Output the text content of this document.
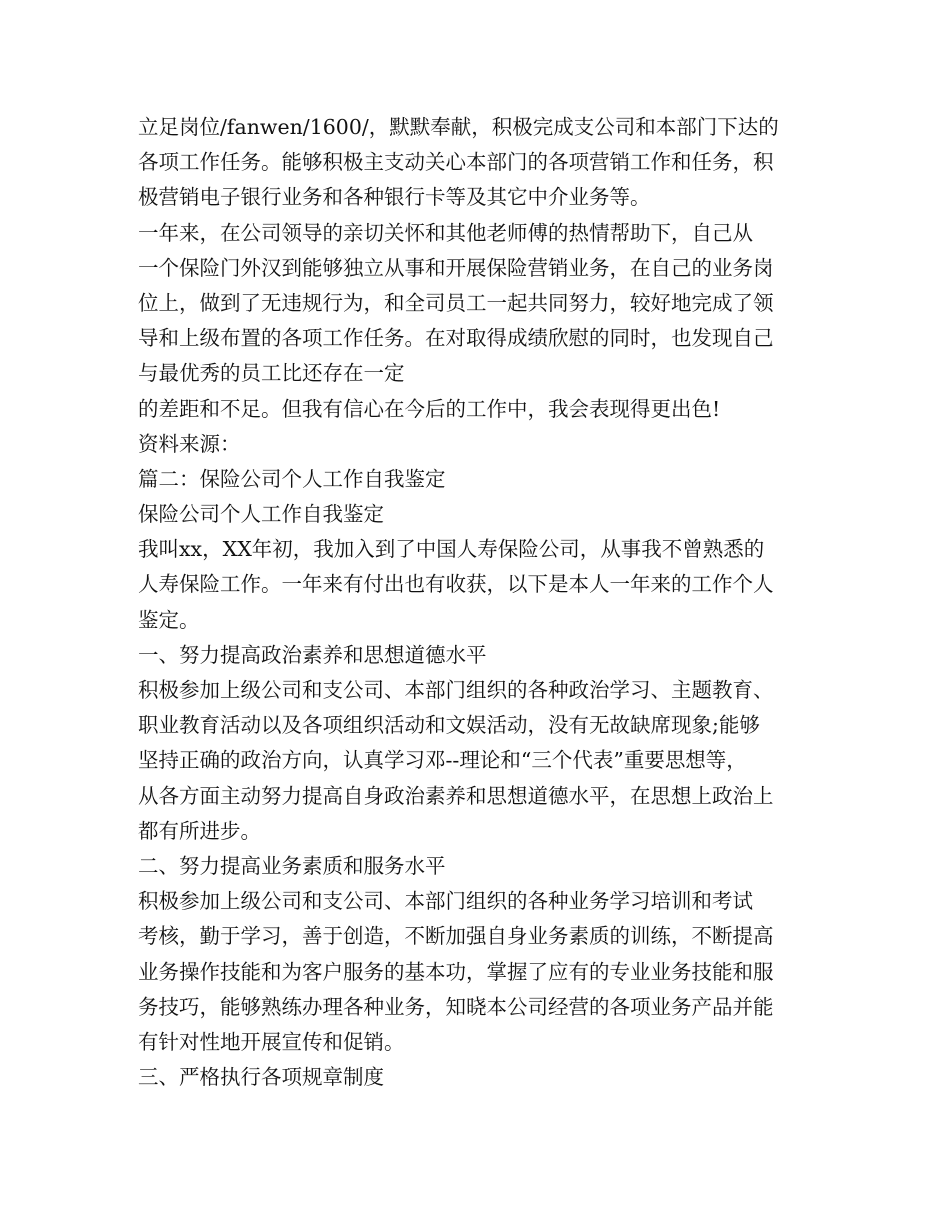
立足岗位/fanwen/1600/，默默奉献，积极完成支公司和本部门下达的
各项工作任务。能够积极主支动关心本部门的各项营销工作和任务，积
极营销电子银行业务和各种银行卡等及其它中介业务等。
一年来，在公司领导的亲切关怀和其他老师傅的热情帮助下，自己从
一个保险门外汉到能够独立从事和开展保险营销业务，在自己的业务岗
位上，做到了无违规行为，和全司员工一起共同努力，较好地完成了领
导和上级布置的各项工作任务。在对取得成绩欣慰的同时，也发现自己
与最优秀的员工比还存在一定
的差距和不足。但我有信心在今后的工作中，我会表现得更出色!
资料来源：
篇二：保险公司个人工作自我鉴定
保险公司个人工作自我鉴定
我叫xx，XX年初，我加入到了中国人寿保险公司，从事我不曾熟悉的
人寿保险工作。一年来有付出也有收获，以下是本人一年来的工作个人
鉴定。
一、努力提高政治素养和思想道德水平
积极参加上级公司和支公司、本部门组织的各种政治学习、主题教育、
职业教育活动以及各项组织活动和文娱活动，没有无故缺席现象;能够
坚持正确的政治方向，认真学习邓--理论和“三个代表”重要思想等，
从各方面主动努力提高自身政治素养和思想道德水平，在思想上政治上
都有所进步。
二、努力提高业务素质和服务水平
积极参加上级公司和支公司、本部门组织的各种业务学习培训和考试
考核，勤于学习，善于创造，不断加强自身业务素质的训练，不断提高
业务操作技能和为客户服务的基本功，掌握了应有的专业业务技能和服
务技巧，能够熟练办理各种业务，知晓本公司经营的各项业务产品并能
有针对性地开展宣传和促销。
三、严格执行各项规章制度
